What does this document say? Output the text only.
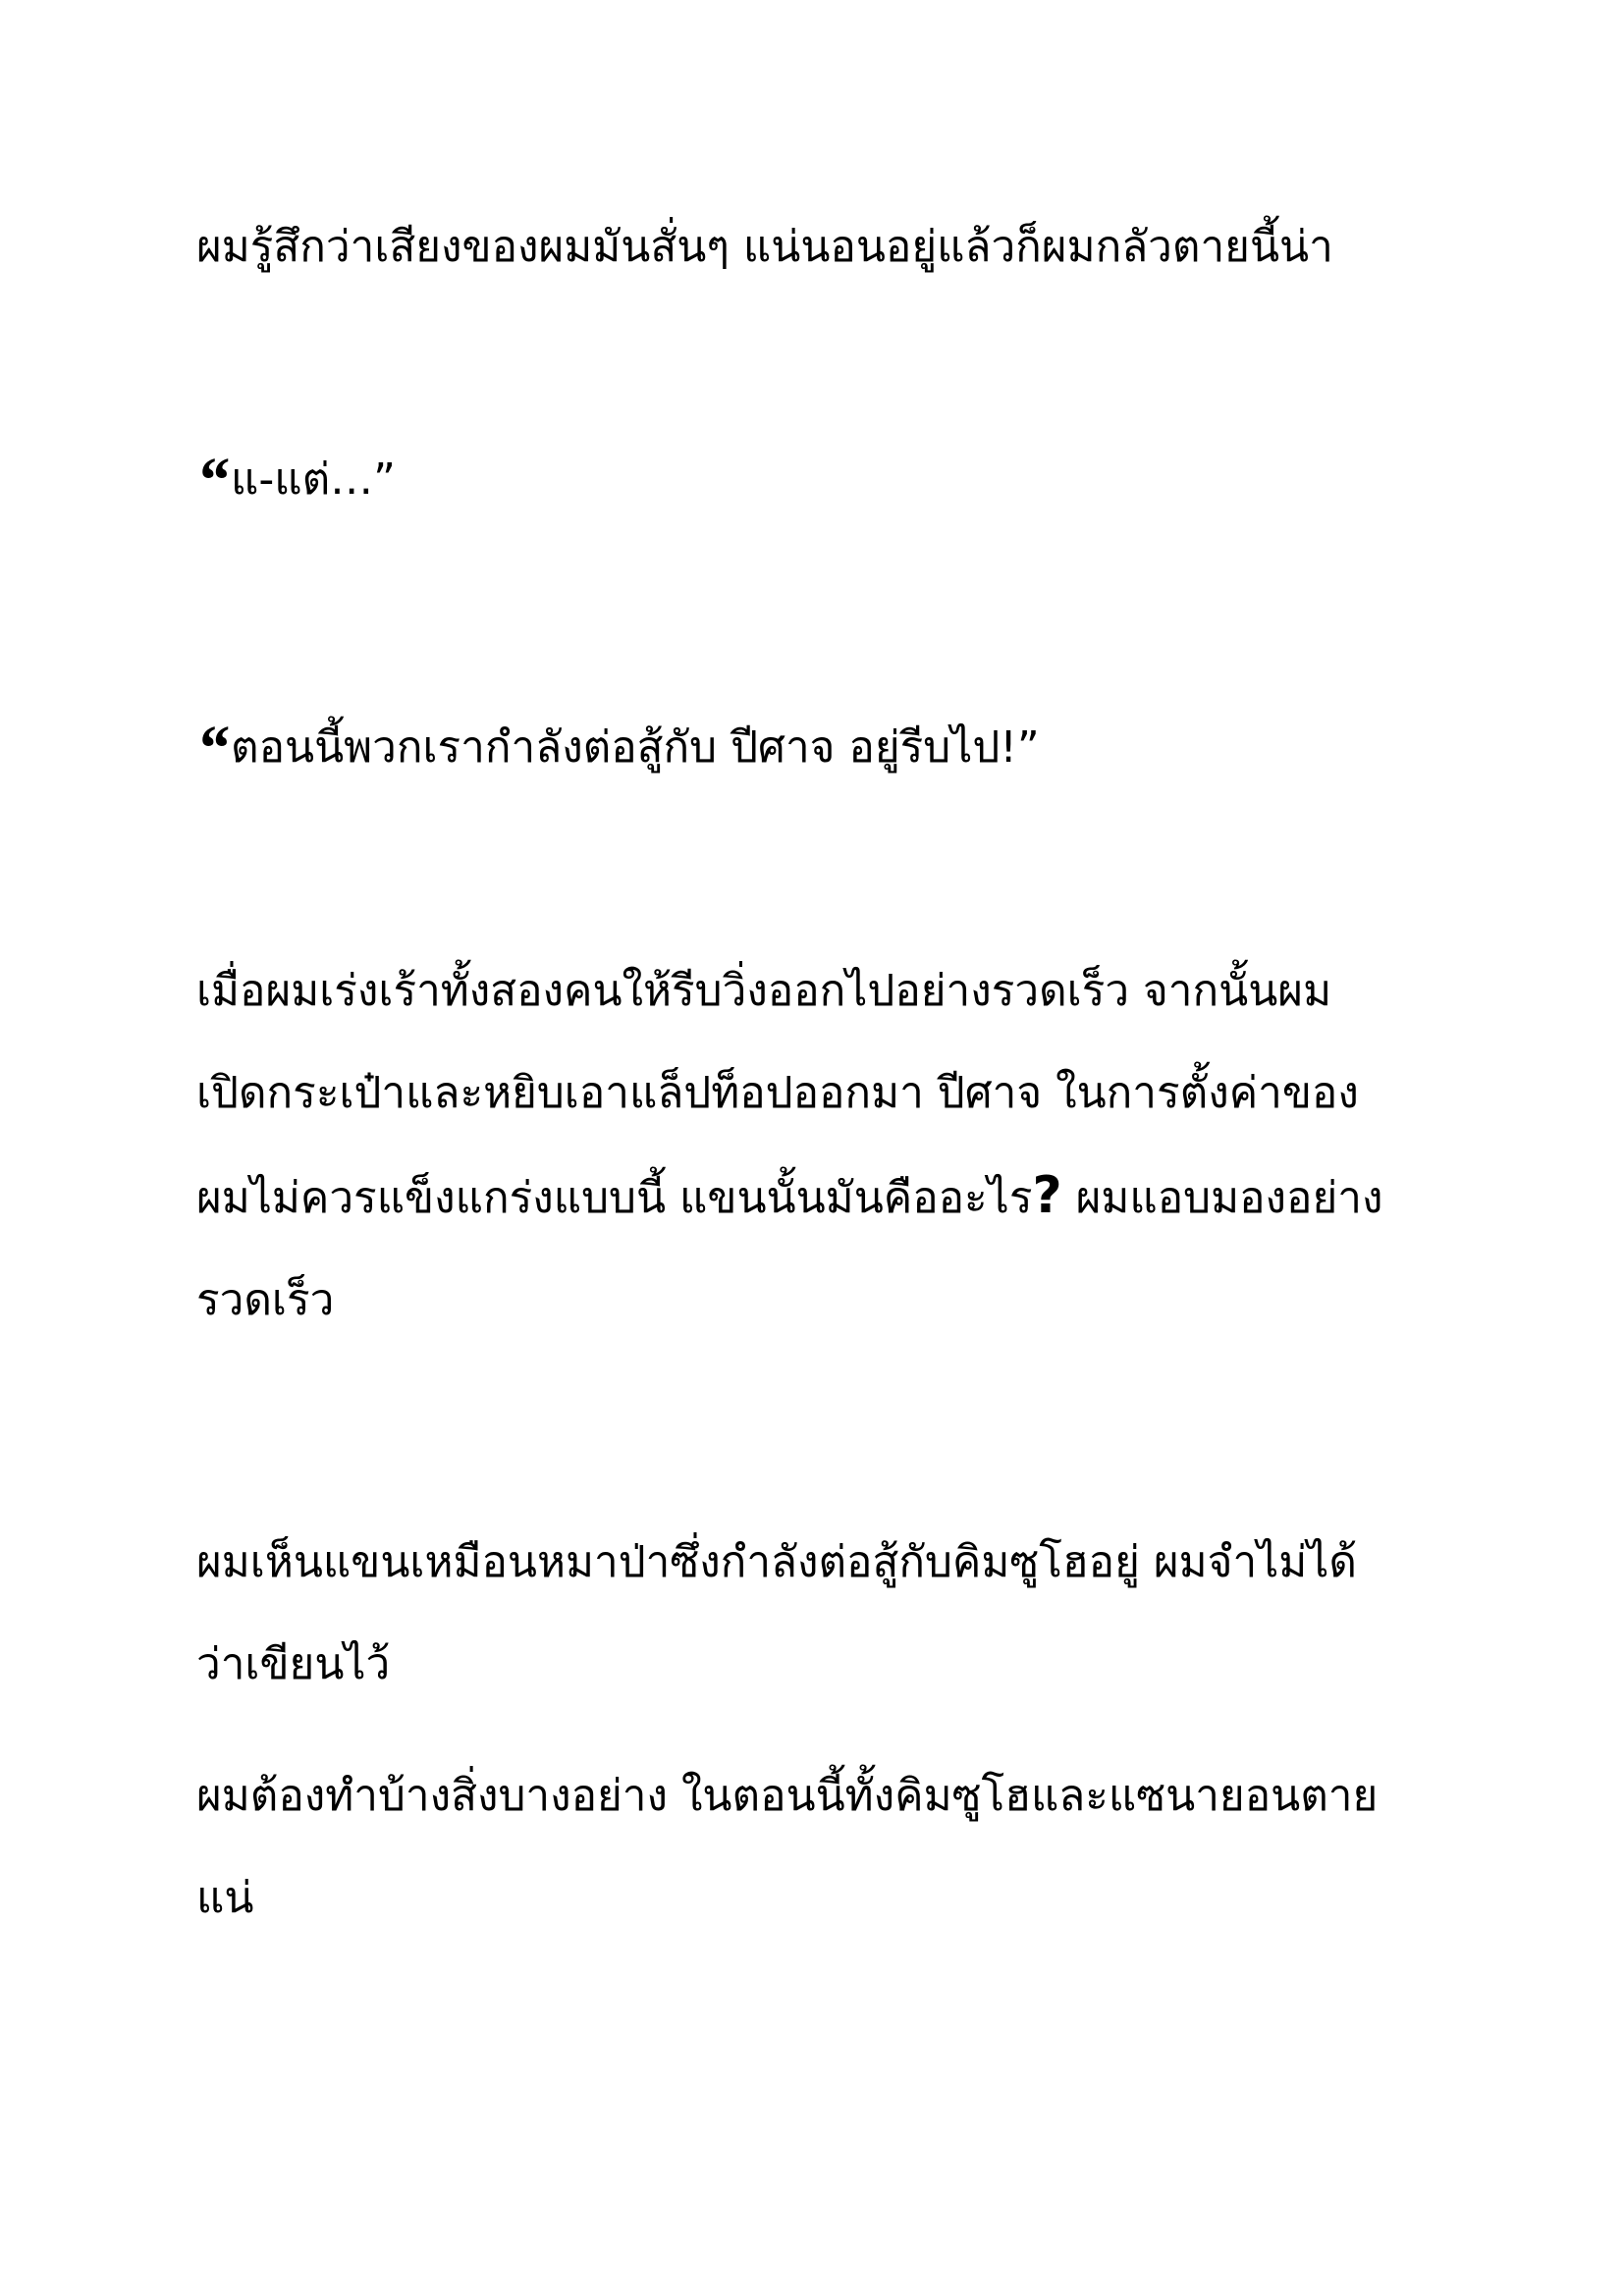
ผมรู้สึกว่าเสียงของผมมันสั่นๆ แน่นอนอยู่แล้วก็ผมกลัวตายนี้น่า

“แ-แต่…”

“ตอนนี้พวกเรากำลังต่อสู้กับ ปีศาจ อยู่รีบไป!”

เมื่อผมเร่งเร้าทั้งสองคนให้รีบวิ่งออกไปอย่างรวดเร็ว จากนั้นผม
เปิดกระเป๋าและหยิบเอาแล็ปท็อปออกมา ปีศาจ ในการตั้งค่าของ
ผมไม่ควรแข็งแกร่งแบบนี้ แขนนั้นมันคืออะไร? ผมแอบมองอย่าง
รวดเร็ว

ผมเห็นแขนเหมือนหมาป่าซึ่งกำลังต่อสู้กับคิมซูโฮอยู่ ผมจำไม่ได้
ว่าเขียนไว้

ผมต้องทำบ้างสิ่งบางอย่าง ในตอนนี้ทั้งคิมซูโฮและแซนายอนตาย
แน่
